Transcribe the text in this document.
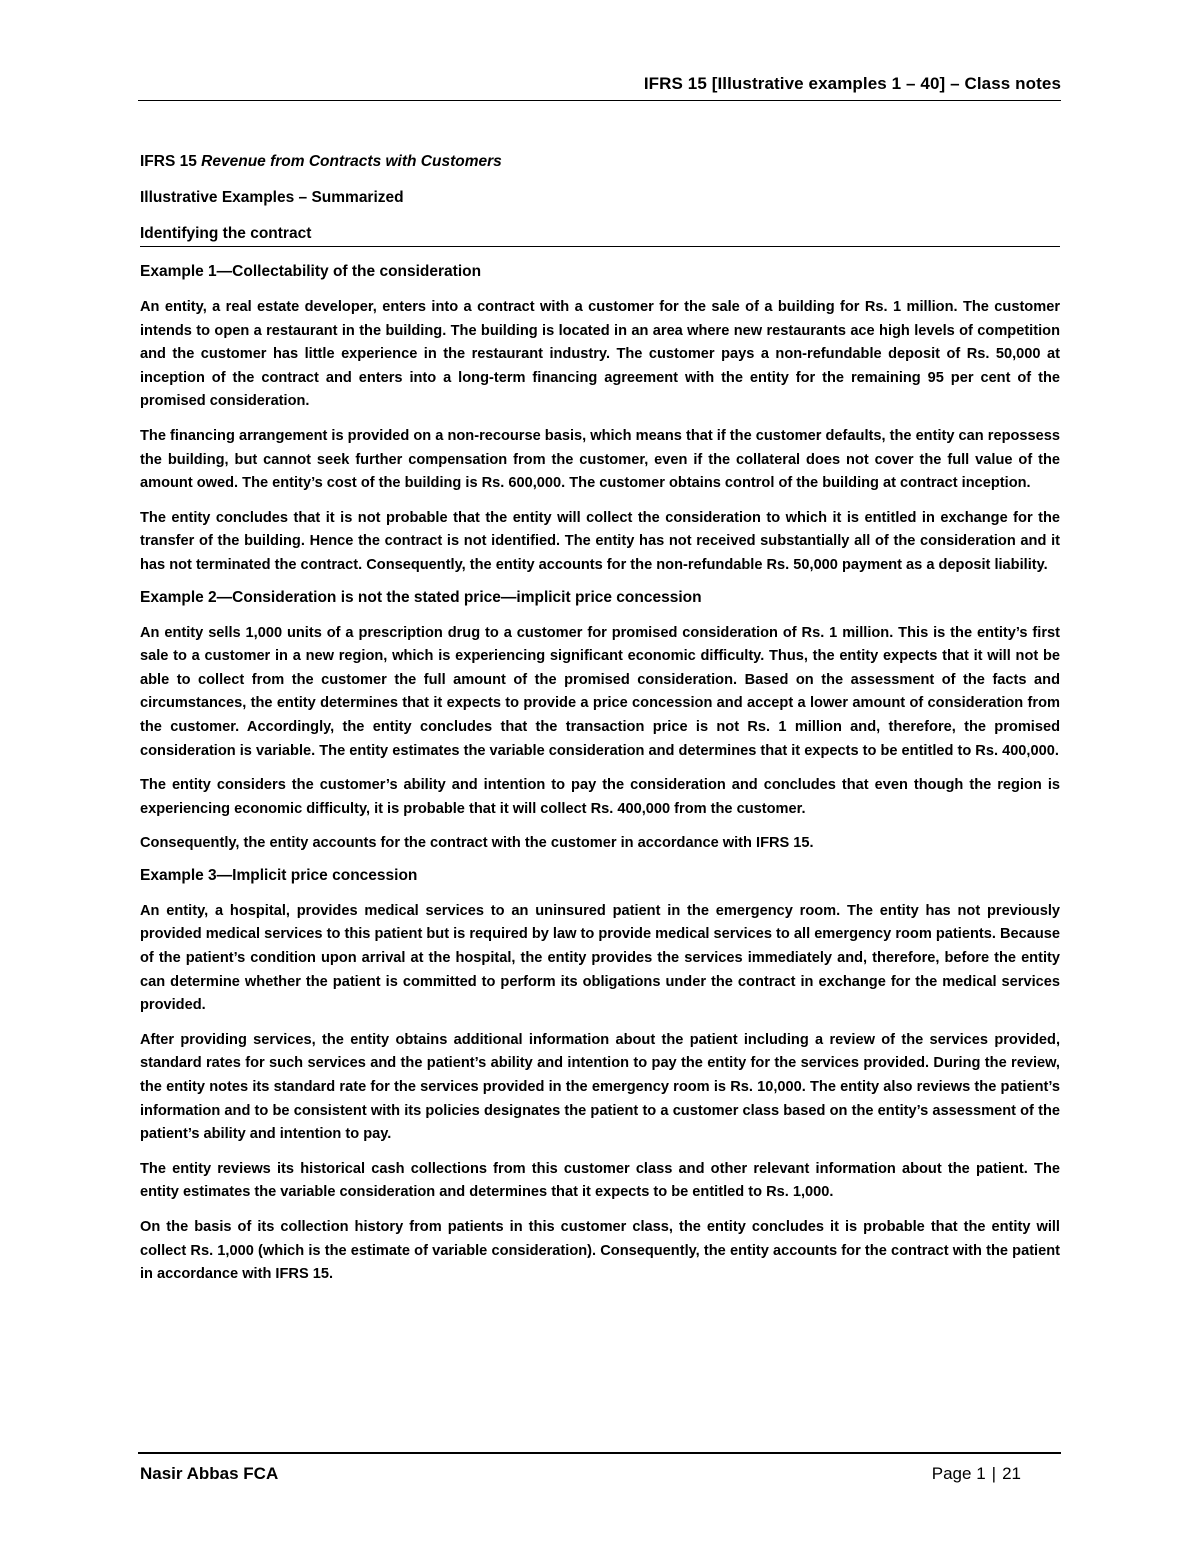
IFRS 15 [Illustrative examples 1 – 40] – Class notes
IFRS 15 Revenue from Contracts with Customers
Illustrative Examples – Summarized
Identifying the contract
Example 1—Collectability of the consideration

An entity, a real estate developer, enters into a contract with a customer for the sale of a building for Rs. 1 million. The customer intends to open a restaurant in the building. The building is located in an area where new restaurants ace high levels of competition and the customer has little experience in the restaurant industry. The customer pays a non-refundable deposit of Rs. 50,000 at inception of the contract and enters into a long-term financing agreement with the entity for the remaining 95 per cent of the promised consideration.

The financing arrangement is provided on a non-recourse basis, which means that if the customer defaults, the entity can repossess the building, but cannot seek further compensation from the customer, even if the collateral does not cover the full value of the amount owed. The entity’s cost of the building is Rs. 600,000. The customer obtains control of the building at contract inception.

The entity concludes that it is not probable that the entity will collect the consideration to which it is entitled in exchange for the transfer of the building. Hence the contract is not identified. The entity has not received substantially all of the consideration and it has not terminated the contract. Consequently, the entity accounts for the non-refundable Rs. 50,000 payment as a deposit liability.

Example 2—Consideration is not the stated price—implicit price concession

An entity sells 1,000 units of a prescription drug to a customer for promised consideration of Rs. 1 million. This is the entity’s first sale to a customer in a new region, which is experiencing significant economic difficulty. Thus, the entity expects that it will not be able to collect from the customer the full amount of the promised consideration. Based on the assessment of the facts and circumstances, the entity determines that it expects to provide a price concession and accept a lower amount of consideration from the customer. Accordingly, the entity concludes that the transaction price is not Rs. 1 million and, therefore, the promised consideration is variable. The entity estimates the variable consideration and determines that it expects to be entitled to Rs. 400,000.

The entity considers the customer’s ability and intention to pay the consideration and concludes that even though the region is experiencing economic difficulty, it is probable that it will collect Rs. 400,000 from the customer.

Consequently, the entity accounts for the contract with the customer in accordance with IFRS 15.

Example 3—Implicit price concession

An entity, a hospital, provides medical services to an uninsured patient in the emergency room. The entity has not previously provided medical services to this patient but is required by law to provide medical services to all emergency room patients. Because of the patient’s condition upon arrival at the hospital, the entity provides the services immediately and, therefore, before the entity can determine whether the patient is committed to perform its obligations under the contract in exchange for the medical services provided.

After providing services, the entity obtains additional information about the patient including a review of the services provided, standard rates for such services and the patient’s ability and intention to pay the entity for the services provided. During the review, the entity notes its standard rate for the services provided in the emergency room is Rs. 10,000. The entity also reviews the patient’s information and to be consistent with its policies designates the patient to a customer class based on the entity’s assessment of the patient’s ability and intention to pay.

The entity reviews its historical cash collections from this customer class and other relevant information about the patient. The entity estimates the variable consideration and determines that it expects to be entitled to Rs. 1,000.

On the basis of its collection history from patients in this customer class, the entity concludes it is probable that the entity will collect Rs. 1,000 (which is the estimate of variable consideration). Consequently, the entity accounts for the contract with the patient in accordance with IFRS 15.

Nasir Abbas FCA	Page 1 | 21
